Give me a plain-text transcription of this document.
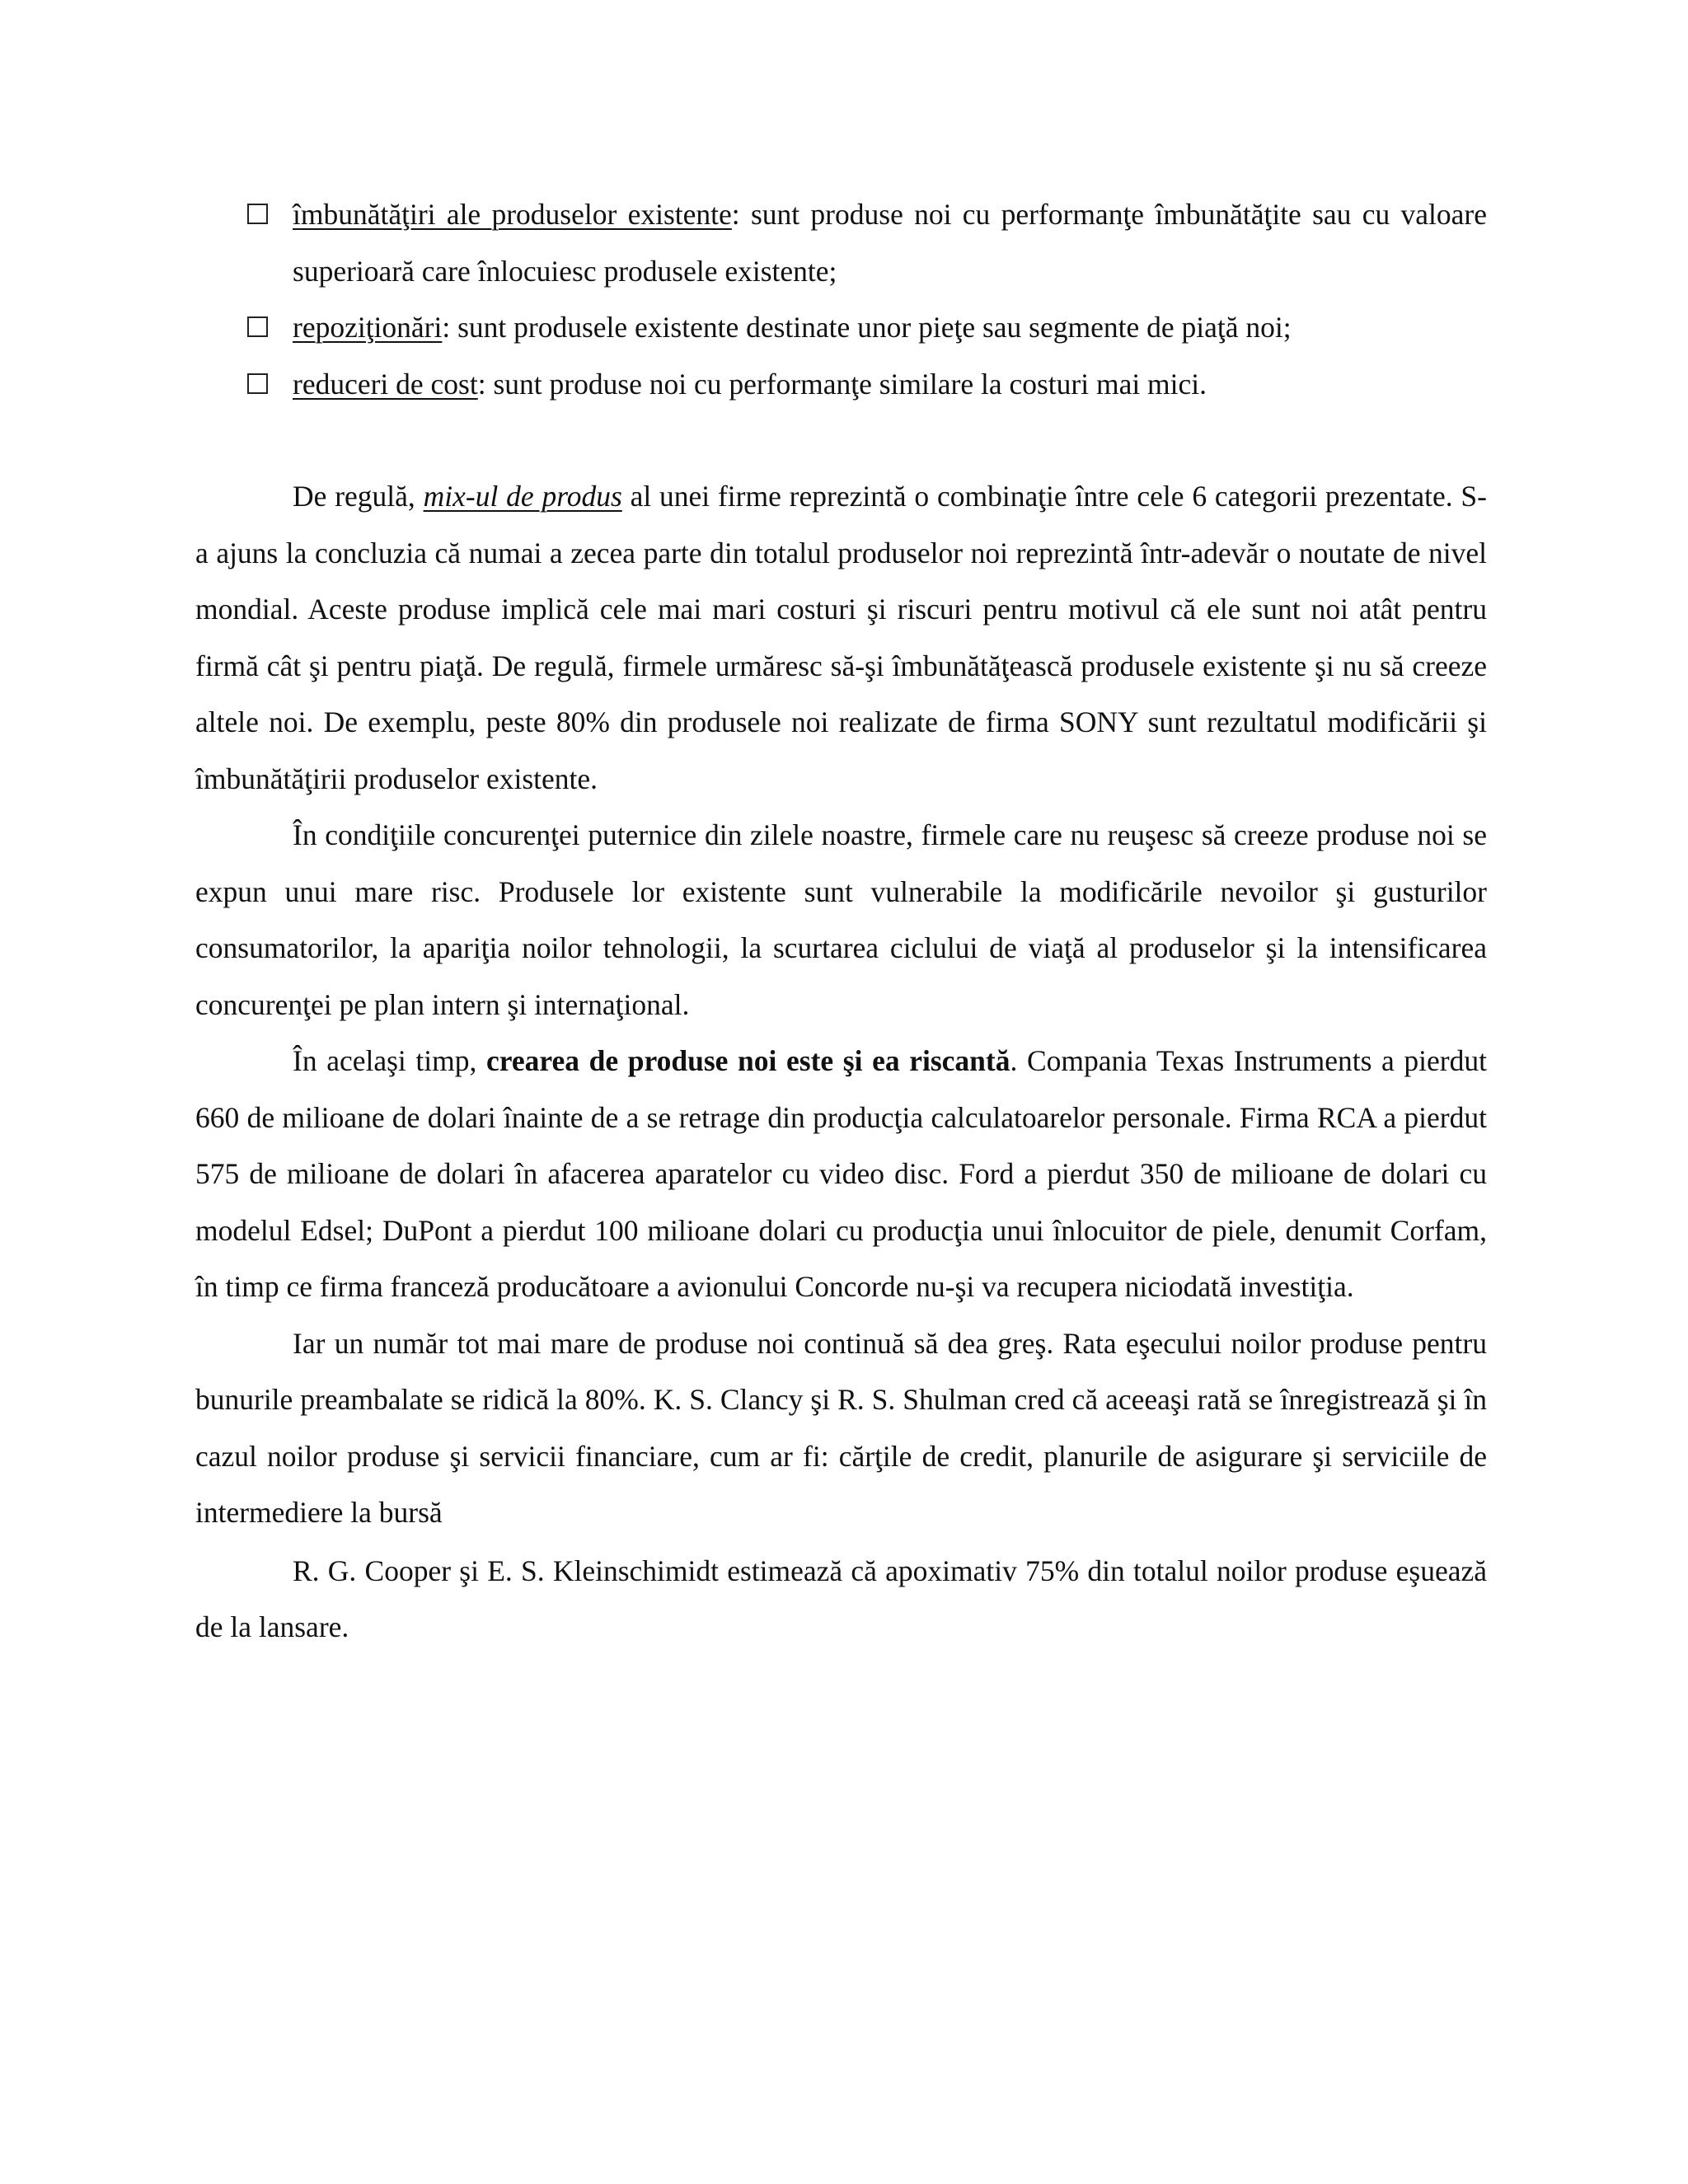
îmbunătăţiri ale produselor existente: sunt produse noi cu performanţe îmbunătăţite sau cu valoare superioară care înlocuiesc produsele existente;
repoziţionări: sunt produsele existente destinate unor pieţe sau segmente de piaţă noi;
reduceri de cost: sunt produse noi cu performanţe similare la costuri mai mici.

De regulă, mix-ul de produs al unei firme reprezintă o combinaţie între cele 6 categorii prezentate. S-a ajuns la concluzia că numai a zecea parte din totalul produselor noi reprezintă într-adevăr o noutate de nivel mondial. Aceste produse implică cele mai mari costuri şi riscuri pentru motivul că ele sunt noi atât pentru firmă cât şi pentru piaţă. De regulă, firmele urmăresc să-şi îmbunătăţească produsele existente şi nu să creeze altele noi. De exemplu, peste 80% din produsele noi realizate de firma SONY sunt rezultatul modificării şi îmbunătăţirii produselor existente.

În condiţiile concurenţei puternice din zilele noastre, firmele care nu reuşesc să creeze produse noi se expun unui mare risc. Produsele lor existente sunt vulnerabile la modificările nevoilor şi gusturilor consumatorilor, la apariţia noilor tehnologii, la scurtarea ciclului de viaţă al produselor şi la intensificarea concurenţei pe plan intern şi internaţional.

În acelaşi timp, crearea de produse noi este şi ea riscantă. Compania Texas Instruments a pierdut 660 de milioane de dolari înainte de a se retrage din producţia calculatoarelor personale. Firma RCA a pierdut 575 de milioane de dolari în afacerea aparatelor cu video disc. Ford a pierdut 350 de milioane de dolari cu modelul Edsel; DuPont a pierdut 100 milioane dolari cu producţia unui înlocuitor de piele, denumit Corfam, în timp ce firma franceză producătoare a avionului Concorde nu-şi va recupera niciodată investiţia.

Iar un număr tot mai mare de produse noi continuă să dea greş. Rata eşecului noilor produse pentru bunurile preambalate se ridică la 80%. K. S. Clancy şi R. S. Shulman cred că aceeaşi rată se înregistrează şi în cazul noilor produse şi servicii financiare, cum ar fi: cărţile de credit, planurile de asigurare şi serviciile de intermediere la bursă

R. G. Cooper şi E. S. Kleinschimidt estimează că apoximativ 75% din totalul noilor produse eşuează de la lansare.
